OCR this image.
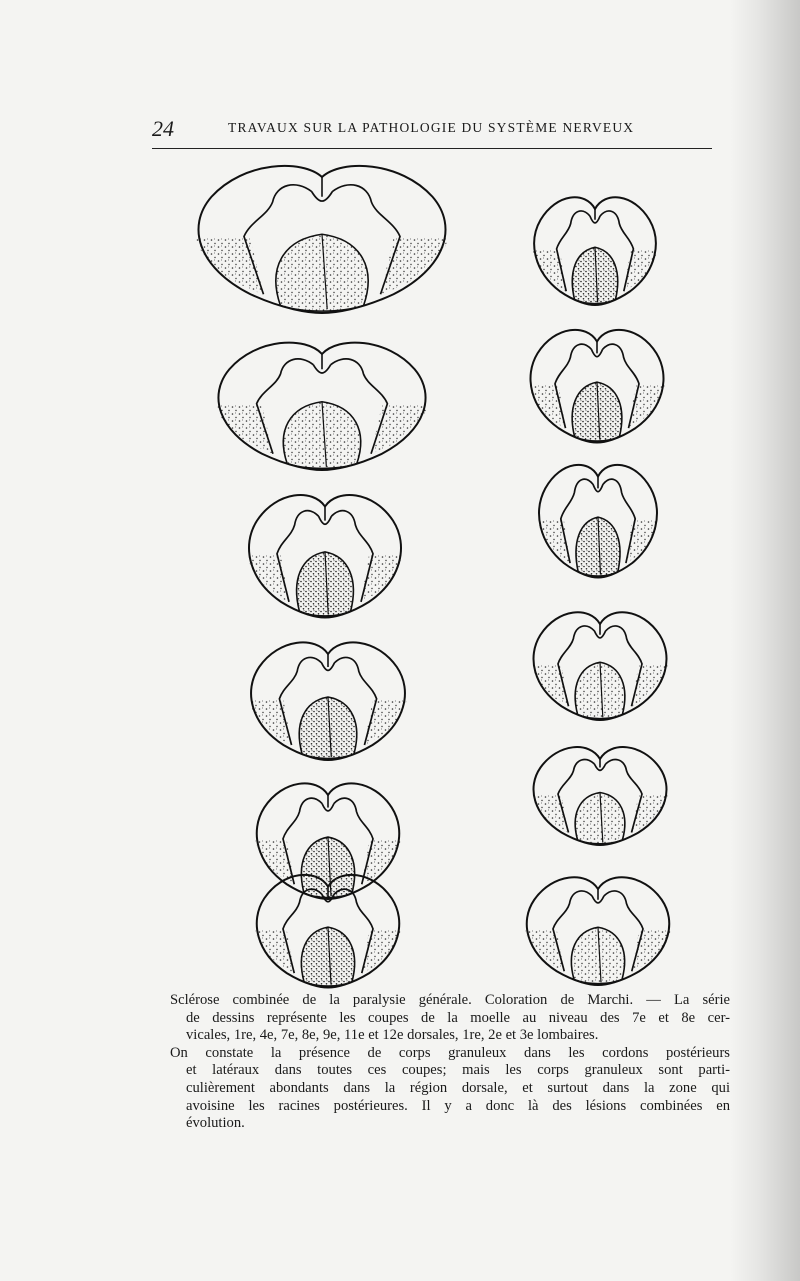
24	TRAVAUX SUR LA PATHOLOGIE DU SYSTÈME NERVEUX
Sclérose combinée de la paralysie générale. Coloration de Marchi. — La série
de dessins représente les coupes de la moelle au niveau des 7e et 8e cer-
vicales, 1re, 4e, 7e, 8e, 9e, 11e et 12e dorsales, 1re, 2e et 3e lombaires.
On constate la présence de corps granuleux dans les cordons postérieurs
et latéraux dans toutes ces coupes; mais les corps granuleux sont parti-
culièrement abondants dans la région dorsale, et surtout dans la zone qui
avoisine les racines postérieures. Il y a donc là des lésions combinées en
évolution.
